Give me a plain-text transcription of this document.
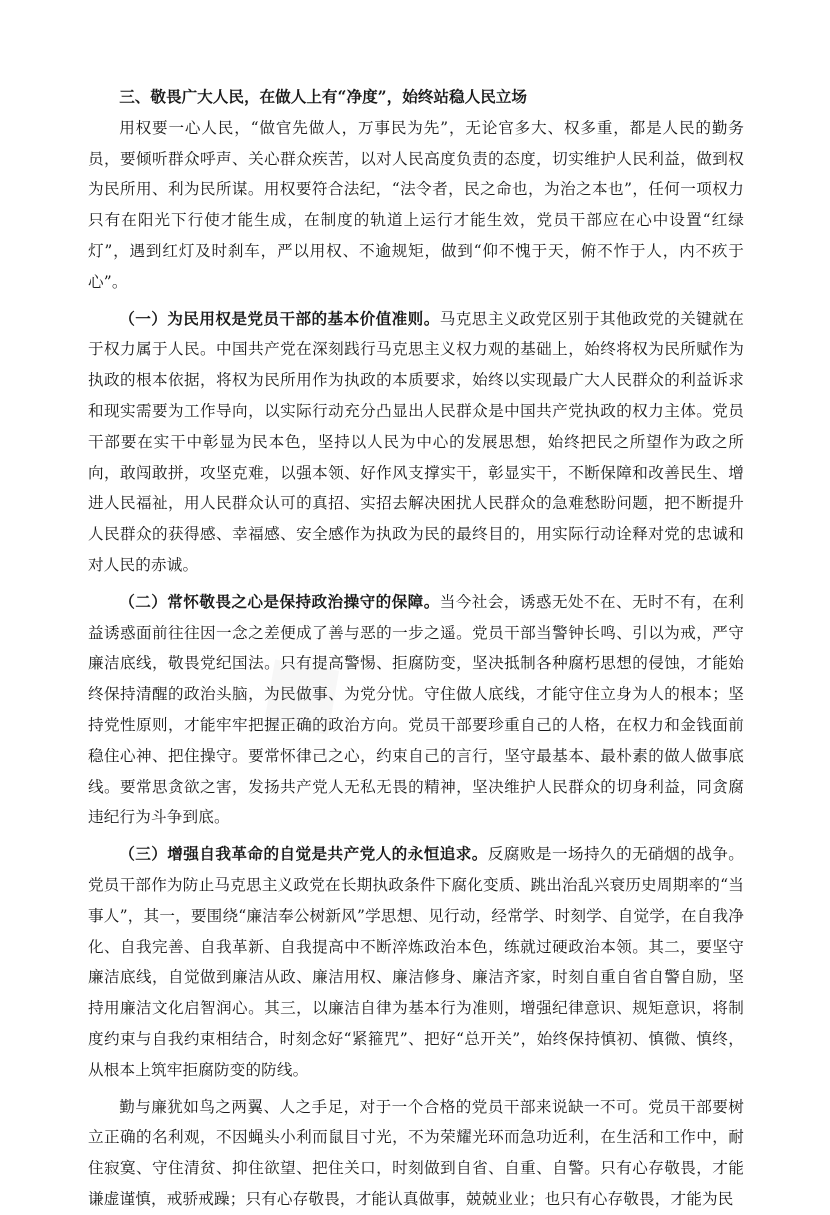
◆

三、敬畏广大人民，在做人上有“净度”，始终站稳人民立场

用权要一心人民，“做官先做人，万事民为先”，无论官多大、权多重，都是人民的勤务员，要倾听群众呼声、关心群众疾苦，以对人民高度负责的态度，切实维护人民利益，做到权为民所用、利为民所谋。用权要符合法纪，“法令者，民之命也，为治之本也”，任何一项权力只有在阳光下行使才能生成，在制度的轨道上运行才能生效，党员干部应在心中设置“红绿灯”，遇到红灯及时刹车，严以用权、不逾规矩，做到“仰不愧于天，俯不怍于人，内不疚于心”。

（一）为民用权是党员干部的基本价值准则。马克思主义政党区别于其他政党的关键就在于权力属于人民。中国共产党在深刻践行马克思主义权力观的基础上，始终将权为民所赋作为执政的根本依据，将权为民所用作为执政的本质要求，始终以实现最广大人民群众的利益诉求和现实需要为工作导向，以实际行动充分凸显出人民群众是中国共产党执政的权力主体。党员干部要在实干中彰显为民本色，坚持以人民为中心的发展思想，始终把民之所望作为政之所向，敢闯敢拼，攻坚克难，以强本领、好作风支撑实干，彰显实干，不断保障和改善民生、增进人民福祉，用人民群众认可的真招、实招去解决困扰人民群众的急难愁盼问题，把不断提升人民群众的获得感、幸福感、安全感作为执政为民的最终目的，用实际行动诠释对党的忠诚和对人民的赤诚。

（二）常怀敬畏之心是保持政治操守的保障。当今社会，诱惑无处不在、无时不有，在利益诱惑面前往往因一念之差便成了善与恶的一步之遥。党员干部当警钟长鸣、引以为戒，严守廉洁底线，敬畏党纪国法。只有提高警惕、拒腐防变，坚决抵制各种腐朽思想的侵蚀，才能始终保持清醒的政治头脑，为民做事、为党分忧。守住做人底线，才能守住立身为人的根本；坚持党性原则，才能牢牢把握正确的政治方向。党员干部要珍重自己的人格，在权力和金钱面前稳住心神、把住操守。要常怀律己之心，约束自己的言行，坚守最基本、最朴素的做人做事底线。要常思贪欲之害，发扬共产党人无私无畏的精神，坚决维护人民群众的切身利益，同贪腐违纪行为斗争到底。

（三）增强自我革命的自觉是共产党人的永恒追求。反腐败是一场持久的无硝烟的战争。党员干部作为防止马克思主义政党在长期执政条件下腐化变质、跳出治乱兴衰历史周期率的“当事人”，其一，要围绕“廉洁奉公树新风”学思想、见行动，经常学、时刻学、自觉学，在自我净化、自我完善、自我革新、自我提高中不断淬炼政治本色，练就过硬政治本领。其二，要坚守廉洁底线，自觉做到廉洁从政、廉洁用权、廉洁修身、廉洁齐家，时刻自重自省自警自励，坚持用廉洁文化启智润心。其三，以廉洁自律为基本行为准则，增强纪律意识、规矩意识，将制度约束与自我约束相结合，时刻念好“紧箍咒”、把好“总开关”，始终保持慎初、慎微、慎终，从根本上筑牢拒腐防变的防线。

勤与廉犹如鸟之两翼、人之手足，对于一个合格的党员干部来说缺一不可。党员干部要树立正确的名利观，不因蝇头小利而鼠目寸光，不为荣耀光环而急功近利，在生活和工作中，耐住寂寞、守住清贫、抑住欲望、把住关口，时刻做到自省、自重、自警。只有心存敬畏，才能谦虚谨慎，戒骄戒躁；只有心存敬畏，才能认真做事，兢兢业业；也只有心存敬畏，才能为民
